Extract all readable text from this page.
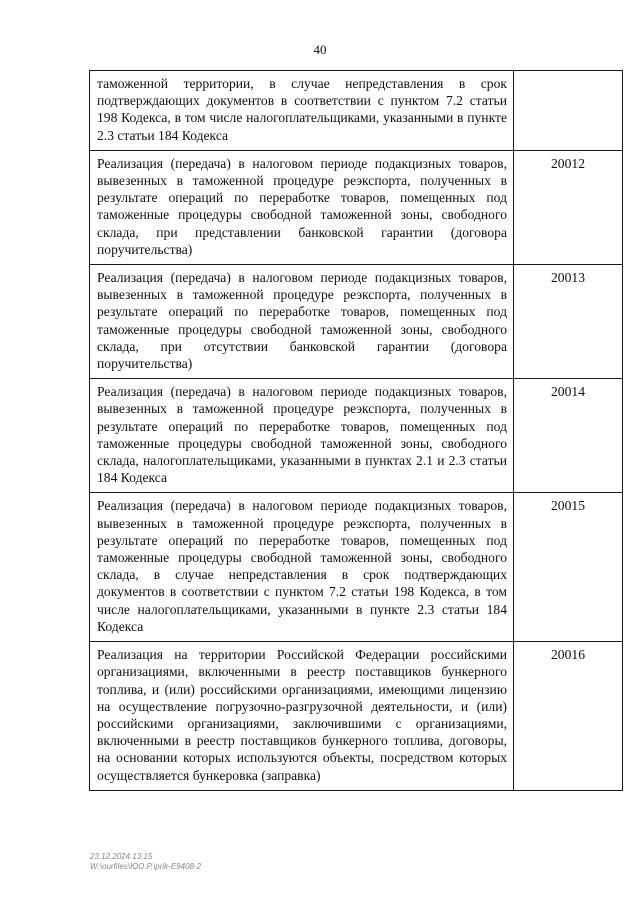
40
таможенной территории, в случае непредставления в срок подтверждающих документов в соответствии с пунктом 7.2 статьи 198 Кодекса, в том числе налогоплательщиками, указанными в пункте 2.3 статьи 184 Кодекса	
Реализация (передача) в налоговом периоде подакцизных товаров, вывезенных в таможенной процедуре реэкспорта, полученных в результате операций по переработке товаров, помещенных под таможенные процедуры свободной таможенной зоны, свободного склада, при представлении банковской гарантии (договора поручительства)	20012
Реализация (передача) в налоговом периоде подакцизных товаров, вывезенных в таможенной процедуре реэкспорта, полученных в результате операций по переработке товаров, помещенных под таможенные процедуры свободной таможенной зоны, свободного склада, при отсутствии банковской гарантии (договора поручительства)	20013
Реализация (передача) в налоговом периоде подакцизных товаров, вывезенных в таможенной процедуре реэкспорта, полученных в результате операций по переработке товаров, помещенных под таможенные процедуры свободной таможенной зоны, свободного склада, налогоплательщиками, указанными в пунктах 2.1 и 2.3 статьи 184 Кодекса	20014
Реализация (передача) в налоговом периоде подакцизных товаров, вывезенных в таможенной процедуре реэкспорта, полученных в результате операций по переработке товаров, помещенных под таможенные процедуры свободной таможенной зоны, свободного склада, в случае непредставления в срок подтверждающих документов в соответствии с пунктом 7.2 статьи 198 Кодекса, в том числе налогоплательщиками, указанными в пункте 2.3 статьи 184 Кодекса	20015
Реализация на территории Российской Федерации российскими организациями, включенными в реестр поставщиков бункерного топлива, и (или) российскими организациями, имеющими лицензию на осуществление погрузочно-разгрузочной деятельности, и (или) российскими организациями, заключившими с организациями, включенными в реестр поставщиков бункерного топлива, договоры, на основании которых используются объекты, посредством которых осуществляется бункеровка (заправка)	20016
23.12.2024 13:15
W:\ourfiles\ЮО.P.\prik-E9408-2
